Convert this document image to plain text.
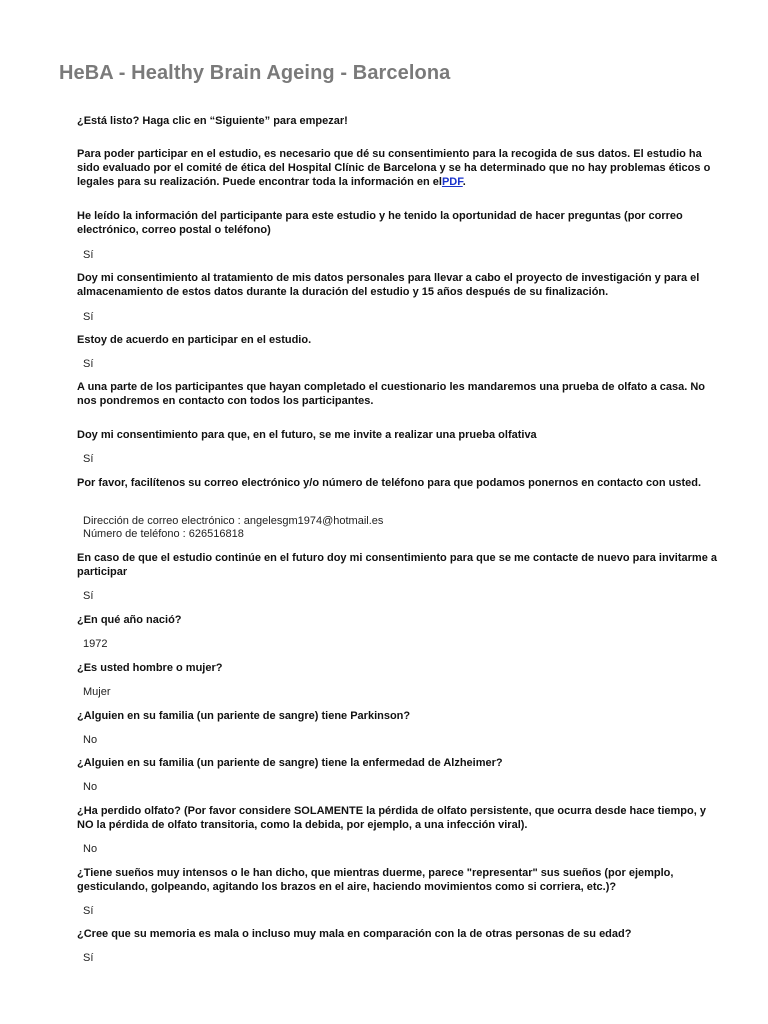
HeBA - Healthy Brain Ageing - Barcelona
¿Está listo? Haga clic en “Siguiente” para empezar!
Para poder participar en el estudio, es necesario que dé su consentimiento para la recogida de sus datos. El estudio ha sido evaluado por el comité de ética del Hospital Clínic de Barcelona y se ha determinado que no hay problemas éticos o legales para su realización. Puede encontrar toda la información en elPDF.
He leído la información del participante para este estudio y he tenido la oportunidad de hacer preguntas (por correo electrónico, correo postal o teléfono)
Sí
Doy mi consentimiento al tratamiento de mis datos personales para llevar a cabo el proyecto de investigación y para el almacenamiento de estos datos durante la duración del estudio y 15 años después de su finalización.
Sí
Estoy de acuerdo en participar en el estudio.
Sí
A una parte de los participantes que hayan completado el cuestionario les mandaremos una prueba de olfato a casa. No nos pondremos en contacto con todos los participantes.
Doy mi consentimiento para que, en el futuro, se me invite a realizar una prueba olfativa
Sí
Por favor, facilítenos su correo electrónico y/o número de teléfono para que podamos ponernos en contacto con usted.
Dirección de correo electrónico : angelesgm1974@hotmail.es
Número de teléfono : 626516818
En caso de que el estudio continúe en el futuro doy mi consentimiento para que se me contacte de nuevo para invitarme a participar
Sí
¿En qué año nació?
1972
¿Es usted hombre o mujer?
Mujer
¿Alguien en su familia (un pariente de sangre) tiene Parkinson?
No
¿Alguien en su familia (un pariente de sangre) tiene la enfermedad de Alzheimer?
No
¿Ha perdido olfato? (Por favor considere SOLAMENTE la pérdida de olfato persistente, que ocurra desde hace tiempo, y NO la pérdida de olfato transitoria, como la debida, por ejemplo, a una infección viral).
No
¿Tiene sueños muy intensos o le han dicho, que mientras duerme, parece "representar" sus sueños (por ejemplo, gesticulando, golpeando, agitando los brazos en el aire, haciendo movimientos como si corriera, etc.)?
Sí
¿Cree que su memoria es mala o incluso muy mala en comparación con la de otras personas de su edad?
Sí
